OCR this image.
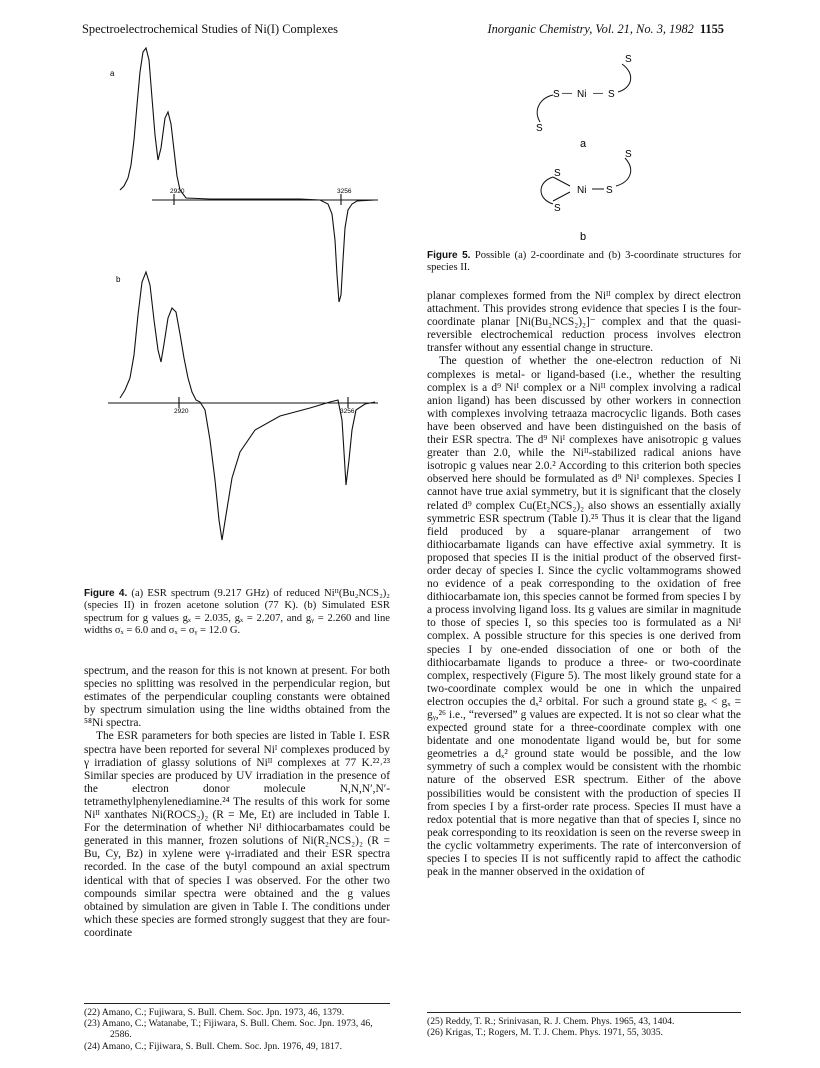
Spectroelectrochemical Studies of Ni(I) Complexes	Inorganic Chemistry, Vol. 21, No. 3, 1982 1155
a
2920	3256
b
2920	3256
S — Ni — S
S
S
a
S
S
Ni S
S
b
Figure 4. (a) ESR spectrum (9.217 GHz) of reduced Niᴵᴵ(Bu₂NCS₂)₂ (species II) in frozen acetone solution (77 K). (b) Simulated ESR spectrum for g values gₓ = 2.035, gₓ = 2.207, and gᵧ = 2.260 and line widths σₓ = 6.0 and σₓ = σᵧ = 12.0 G.
Figure 5. Possible (a) 2-coordinate and (b) 3-coordinate structures for species II.

spectrum, and the reason for this is not known at present. For both species no splitting was resolved in the perpendicular region, but estimates of the perpendicular coupling constants were obtained by spectrum simulation using the line widths obtained from the ⁵⁸Ni spectra.

The ESR parameters for both species are listed in Table I. ESR spectra have been reported for several Niᴵ complexes produced by γ irradiation of glassy solutions of Niᴵᴵ complexes at 77 K.²²˒²³ Similar species are produced by UV irradiation in the presence of the electron donor molecule N,N,N′,N′-tetramethylphenylenediamine.²⁴ The results of this work for some Niᴵᴵ xanthates Ni(ROCS₂)₂ (R = Me, Et) are included in Table I. For the determination of whether Niᴵ dithiocarbamates could be generated in this manner, frozen solutions of Ni(R₂NCS₂)₂ (R = Bu, Cy, Bz) in xylene were γ-irradiated and their ESR spectra recorded. In the case of the butyl compound an axial spectrum identical with that of species I was observed. For the other two compounds similar spectra were obtained and the g values obtained by simulation are given in Table I. The conditions under which these species are formed strongly suggest that they are four-coordinate

planar complexes formed from the Niᴵᴵ complex by direct electron attachment. This provides strong evidence that species I is the four-coordinate planar [Ni(Bu₂NCS₂)₂]⁻ complex and that the quasi-reversible electrochemical reduction process involves electron transfer without any essential change in structure.

The question of whether the one-electron reduction of Ni complexes is metal- or ligand-based (i.e., whether the resulting complex is a d⁹ Niᴵ complex or a Niᴵᴵ complex involving a radical anion ligand) has been discussed by other workers in connection with complexes involving tetraaza macrocyclic ligands. Both cases have been observed and have been distinguished on the basis of their ESR spectra. The d⁹ Niᴵ complexes have anisotropic g values greater than 2.0, while the Niᴵᴵ-stabilized radical anions have isotropic g values near 2.0.² According to this criterion both species observed here should be formulated as d⁹ Niᴵ complexes. Species I cannot have true axial symmetry, but it is significant that the closely related d⁹ complex Cu(Et₂NCS₂)₂ also shows an essentially axially symmetric ESR spectrum (Table I).²⁵ Thus it is clear that the ligand field produced by a square-planar arrangement of two dithiocarbamate ligands can have effective axial symmetry. It is proposed that species II is the initial product of the observed first-order decay of species I. Since the cyclic voltammograms showed no evidence of a peak corresponding to the oxidation of free dithiocarbamate ion, this species cannot be formed from species I by a process involving ligand loss. Its g values are similar in magnitude to those of species I, so this species too is formulated as a Niᴵ complex. A possible structure for this species is one derived from species I by one-ended dissociation of one or both of the dithiocarbamate ligands to produce a three- or two-coordinate complex, respectively (Figure 5). The most likely ground state for a two-coordinate complex would be one in which the unpaired electron occupies the dₓ² orbital. For such a ground state gₓ < gₓ = gᵧ,²⁶ i.e., “reversed” g values are expected. It is not so clear what the expected ground state for a three-coordinate complex with one bidentate and one monodentate ligand would be, but for some geometries a dₓ² ground state would be possible, and the low symmetry of such a complex would be consistent with the rhombic nature of the observed ESR spectrum. Either of the above possibilities would be consistent with the production of species II from species I by a first-order rate process. Species II must have a redox potential that is more negative than that of species I, since no peak corresponding to its reoxidation is seen on the reverse sweep in the cyclic voltammetry experiments. The rate of interconversion of species I to species II is not sufficently rapid to affect the cathodic peak in the manner observed in the oxidation of

(22) Amano, C.; Fujiwara, S. Bull. Chem. Soc. Jpn. 1973, 46, 1379.
(23) Amano, C.; Watanabe, T.; Fijiwara, S. Bull. Chem. Soc. Jpn. 1973, 46, 2586.
(24) Amano, C.; Fijiwara, S. Bull. Chem. Soc. Jpn. 1976, 49, 1817.
(25) Reddy, T. R.; Srinivasan, R. J. Chem. Phys. 1965, 43, 1404.
(26) Krigas, T.; Rogers, M. T. J. Chem. Phys. 1971, 55, 3035.
